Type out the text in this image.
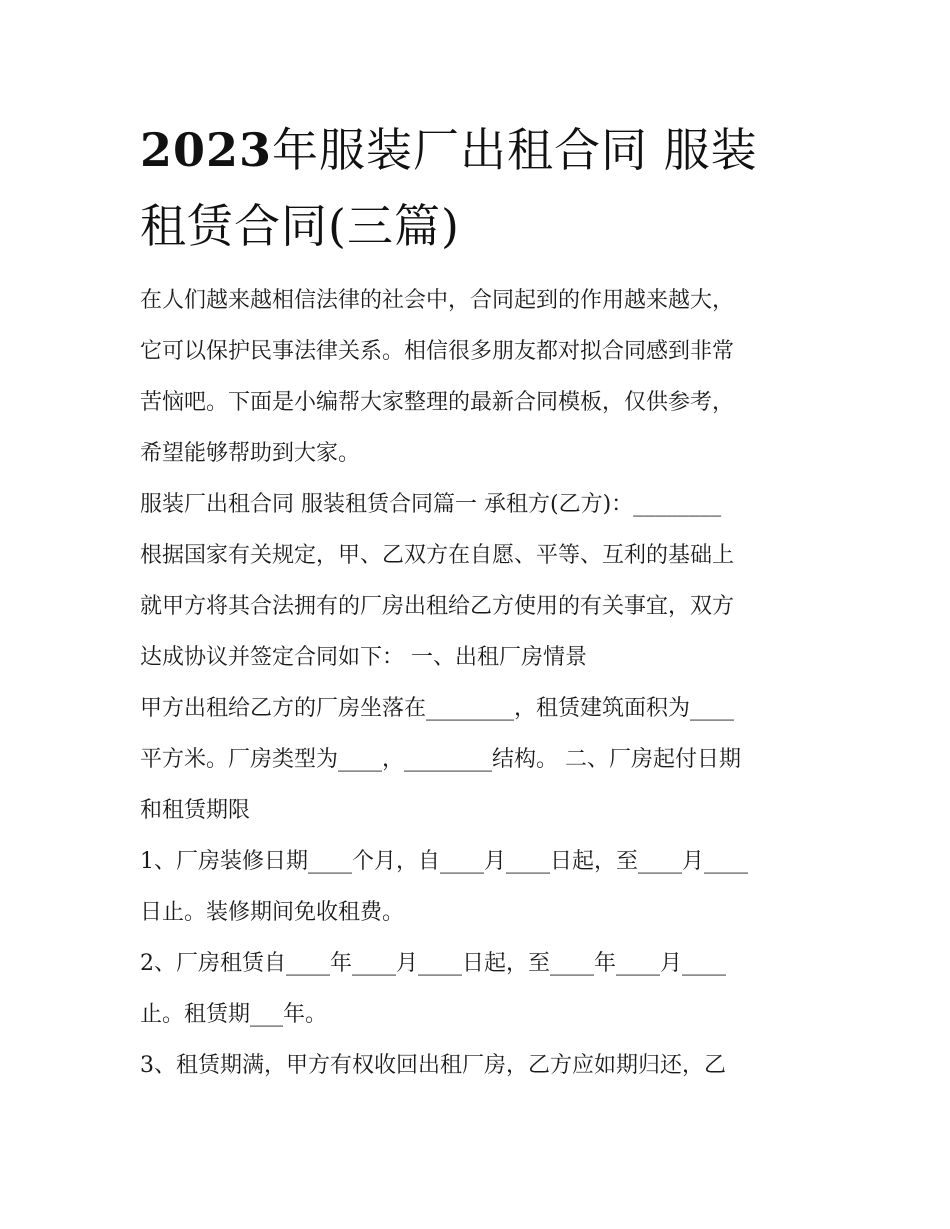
2023年服装厂出租合同 服装
租赁合同(三篇)

在人们越来越相信法律的社会中，合同起到的作用越来越大，

它可以保护民事法律关系。相信很多朋友都对拟合同感到非常

苦恼吧。下面是小编帮大家整理的最新合同模板，仅供参考，

希望能够帮助到大家。

服装厂出租合同 服装租赁合同篇一 承租方(乙方)：________

根据国家有关规定，甲、乙双方在自愿、平等、互利的基础上

就甲方将其合法拥有的厂房出租给乙方使用的有关事宜，双方

达成协议并签定合同如下： 一、出租厂房情景

甲方出租给乙方的厂房坐落在________，租赁建筑面积为____

平方米。厂房类型为____，________结构。 二、厂房起付日期

和租赁期限

1、厂房装修日期____个月，自____月____日起，至____月____

日止。装修期间免收租费。

2、厂房租赁自____年____月____日起，至____年____月____

止。租赁期___年。

3、租赁期满，甲方有权收回出租厂房，乙方应如期归还，乙
